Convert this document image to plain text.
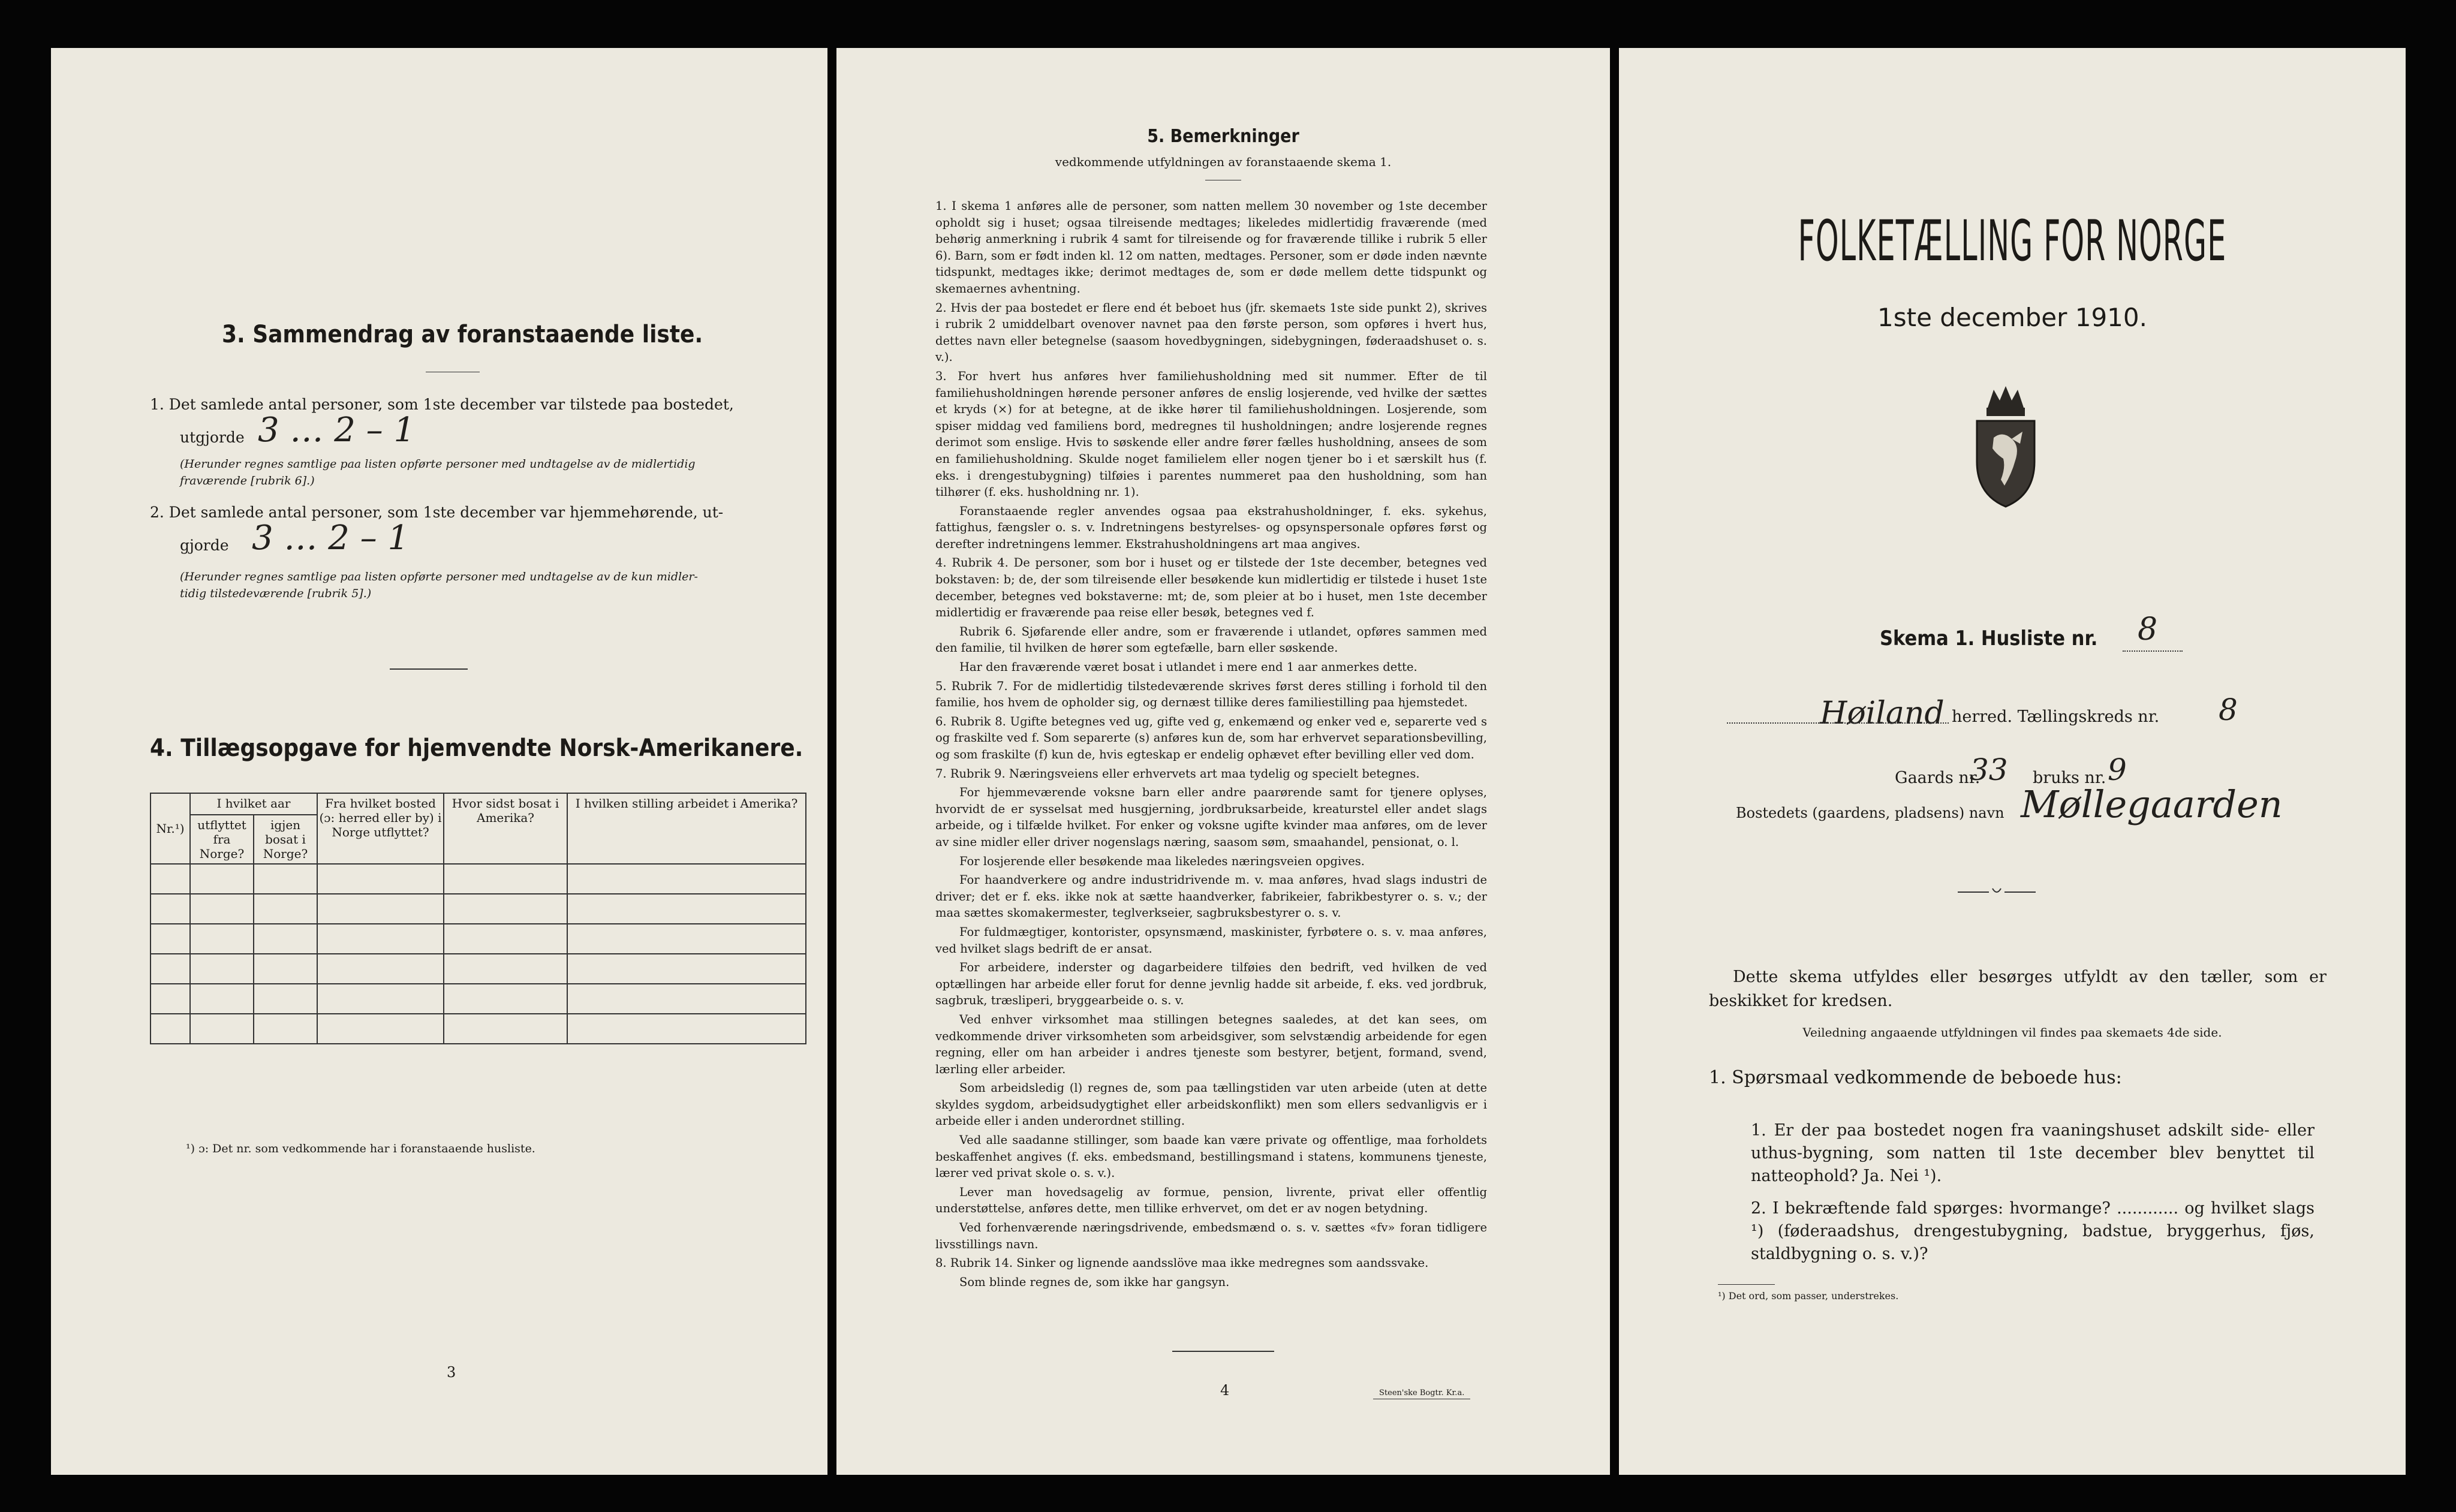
3. Sammendrag av foranstaaende liste.
1. Det samlede antal personer, som 1ste december var tilstede paa bostedet,
utgjorde 3 … 2 – 1
(Herunder regnes samtlige paa listen opførte personer med undtagelse av de midlertidig
fraværende [rubrik 6].)
2. Det samlede antal personer, som 1ste december var hjemmehørende, ut-
gjorde 3 … 2 – 1
(Herunder regnes samtlige paa listen opførte personer med undtagelse av de kun midler-
tidig tilstedeværende [rubrik 5].)
4. Tillægsopgave for hjemvendte Norsk-Amerikanere.
Nr.¹)	I hvilket aar		Fra hvilket bosted (ɔ: herred eller by) i Norge utflyttet?	Hvor sidst bosat i Amerika?	I hvilken stilling arbeidet i Amerika?
	utflyttet fra Norge?	igjen bosat i Norge?			

¹) ɔ: Det nr. som vedkommende har i foranstaaende husliste.
3
5. Bemerkninger
vedkommende utfyldningen av foranstaaende skema 1.

1. I skema 1 anføres alle de personer, som natten mellem 30 november og 1ste december opholdt sig i huset; ogsaa tilreisende medtages; likeledes midlertidig fraværende (med behørig anmerkning i rubrik 4 samt for tilreisende og for fraværende tillike i rubrik 5 eller 6). Barn, som er født inden kl. 12 om natten, medtages. Personer, som er døde inden nævnte tidspunkt, medtages ikke; derimot medtages de, som er døde mellem dette tidspunkt og skemaernes avhentning.

2. Hvis der paa bostedet er flere end ét beboet hus (jfr. skemaets 1ste side punkt 2), skrives i rubrik 2 umiddelbart ovenover navnet paa den første person, som opføres i hvert hus, dettes navn eller betegnelse (saasom hovedbygningen, sidebygningen, føderaadshuset o. s. v.).

3. For hvert hus anføres hver familiehusholdning med sit nummer. Efter de til familiehusholdningen hørende personer anføres de enslig losjerende, ved hvilke der sættes et kryds (×) for at betegne, at de ikke hører til familiehusholdningen. Losjerende, som spiser middag ved familiens bord, medregnes til husholdningen; andre losjerende regnes derimot som enslige. Hvis to søskende eller andre fører fælles husholdning, ansees de som en familiehusholdning. Skulde noget familielem eller nogen tjener bo i et særskilt hus (f. eks. i drengestubygning) tilføies i parentes nummeret paa den husholdning, som han tilhører (f. eks. husholdning nr. 1).

Foranstaaende regler anvendes ogsaa paa ekstrahusholdninger, f. eks. sykehus, fattighus, fængsler o. s. v. Indretningens bestyrelses- og opsynspersonale opføres først og derefter indretningens lemmer. Ekstrahusholdningens art maa angives.

4. Rubrik 4. De personer, som bor i huset og er tilstede der 1ste december, betegnes ved bokstaven: b; de, der som tilreisende eller besøkende kun midlertidig er tilstede i huset 1ste december, betegnes ved bokstaverne: mt; de, som pleier at bo i huset, men 1ste december midlertidig er fraværende paa reise eller besøk, betegnes ved f.

Rubrik 6. Sjøfarende eller andre, som er fraværende i utlandet, opføres sammen med den familie, til hvilken de hører som egtefælle, barn eller søskende.

Har den fraværende været bosat i utlandet i mere end 1 aar anmerkes dette.

5. Rubrik 7. For de midlertidig tilstedeværende skrives først deres stilling i forhold til den familie, hos hvem de opholder sig, og dernæst tillike deres familiestilling paa hjemstedet.

6. Rubrik 8. Ugifte betegnes ved ug, gifte ved g, enkemænd og enker ved e, separerte ved s og fraskilte ved f. Som separerte (s) anføres kun de, som har erhvervet separationsbevilling, og som fraskilte (f) kun de, hvis egteskap er endelig ophævet efter bevilling eller ved dom.

7. Rubrik 9. Næringsveiens eller erhvervets art maa tydelig og specielt betegnes.

For hjemmeværende voksne barn eller andre paarørende samt for tjenere oplyses, hvorvidt de er sysselsat med husgjerning, jordbruksarbeide, kreaturstel eller andet slags arbeide, og i tilfælde hvilket. For enker og voksne ugifte kvinder maa anføres, om de lever av sine midler eller driver nogenslags næring, saasom søm, smaahandel, pensionat, o. l.

For losjerende eller besøkende maa likeledes næringsveien opgives.

For haandverkere og andre industridrivende m. v. maa anføres, hvad slags industri de driver; det er f. eks. ikke nok at sætte haandverker, fabrikeier, fabrikbestyrer o. s. v.; der maa sættes skomakermester, teglverkseier, sagbruksbestyrer o. s. v.

For fuldmægtiger, kontorister, opsynsmænd, maskinister, fyrbøtere o. s. v. maa anføres, ved hvilket slags bedrift de er ansat.

For arbeidere, inderster og dagarbeidere tilføies den bedrift, ved hvilken de ved optællingen har arbeide eller forut for denne jevnlig hadde sit arbeide, f. eks. ved jordbruk, sagbruk, træsliperi, bryggearbeide o. s. v.

Ved enhver virksomhet maa stillingen betegnes saaledes, at det kan sees, om vedkommende driver virksomheten som arbeidsgiver, som selvstændig arbeidende for egen regning, eller om han arbeider i andres tjeneste som bestyrer, betjent, formand, svend, lærling eller arbeider.

Som arbeidsledig (l) regnes de, som paa tællingstiden var uten arbeide (uten at dette skyldes sygdom, arbeidsudygtighet eller arbeidskonflikt) men som ellers sedvanligvis er i arbeide eller i anden underordnet stilling.

Ved alle saadanne stillinger, som baade kan være private og offentlige, maa forholdets beskaffenhet angives (f. eks. embedsmand, bestillingsmand i statens, kommunens tjeneste, lærer ved privat skole o. s. v.).

Lever man hovedsagelig av formue, pension, livrente, privat eller offentlig understøttelse, anføres dette, men tillike erhvervet, om det er av nogen betydning.

Ved forhenværende næringsdrivende, embedsmænd o. s. v. sættes «fv» foran tidligere livsstillings navn.

8. Rubrik 14. Sinker og lignende aandsslöve maa ikke medregnes som aandssvake.

Som blinde regnes de, som ikke har gangsyn.

4	Steen'ske Bogtr. Kr.a.
FOLKETÆLLING FOR NORGE
1ste december 1910.
Skema 1. Husliste nr. 8
Høiland herred. Tællingskreds nr. 8
Gaards nr.
33 bruks nr. 9
Bostedets (gaardens, pladsens) navn Møllegaarden
Dette skema utfyldes eller besørges utfyldt av den tæller, som er beskikket for kredsen.
Veiledning angaaende utfyldningen vil findes paa skemaets 4de side.
1. Spørsmaal vedkommende de beboede hus:
1. Er der paa bostedet nogen fra vaaningshuset adskilt side- eller uthus-bygning, som natten til 1ste december blev benyttet til natteophold? Ja. Nei ¹).
2. I bekræftende fald spørges: hvormange? ............ og hvilket slags ¹) (føderaadshus, drengestubygning, badstue, bryggerhus, fjøs, staldbygning o. s. v.)?
¹) Det ord, som passer, understrekes.
